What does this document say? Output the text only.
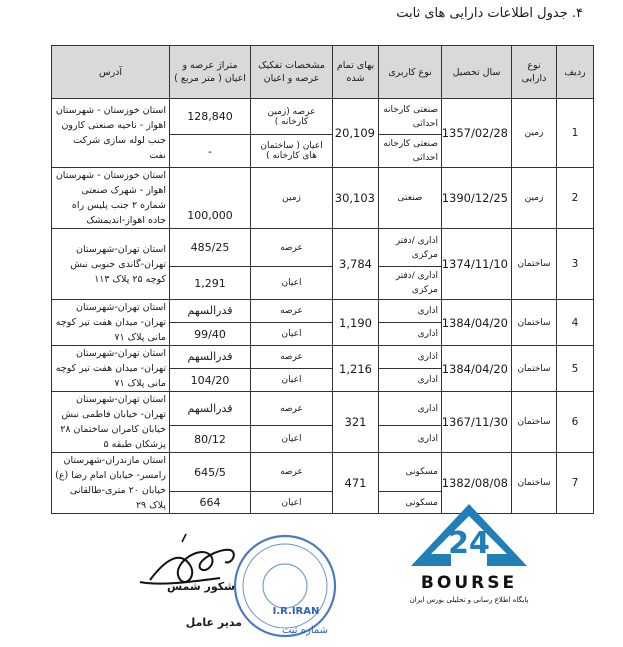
۴. جدول اطلاعات دارایی های ثابت
ردیف	نوع دارایی	سال تحصیل	نوع کاربری	بهای تمام شده	مشخصات تفکیک عرصه و اعیان	متراژ عرصه و اعیان ( متر مربع )	آدرس
1	زمین	1357/02/28	صنعتی کارخانه احداثی	20,109	عرصه (زمین کارخانه )	128,840	استان خوزستان - شهرستان اهواز - ناحیه صنعتی کارون جنب لوله سازی شرکت نفت
			صنعتی کارخانه احداثی		اعیان ( ساختمان های کارخانه )	-	
2	زمین	1390/12/25	صنعتی	30,103	زمین	100,000	استان خوزستان - شهرستان اهواز - شهرک صنعتی شماره ۲ جنب پلیس راه جاده اهواز-اندیمشک
3	ساختمان	1374/11/10	اداری /دفتر مرکزی	3,784	عرصه	485/25	استان تهران-شهرستان تهران-گاندی جنوبی نبش کوچه ۲۵ پلاک ۱۱۳
			اداری /دفتر مرکزی		اعیان	1,291	
4	ساختمان	1384/04/20	اداری	1,190	عرصه	قدرالسهم	استان تهران-شهرستان تهران- میدان هفت تیر کوچه مانی پلاک ۷۱
			اداری		اعیان	99/40	
5	ساختمان	1384/04/20	اداری	1,216	عرصه	قدرالسهم	استان تهران-شهرستان تهران- میدان هفت تیر کوچه مانی پلاک ۷۱
			اداری		اعیان	104/20	
6	ساختمان	1367/11/30	اداری	321	عرصه	قدرالسهم	استان تهران-شهرستان تهران- خیابان فاطمی نبش خیابان کامران ساختمان ۲۸ پزشکان طبقه ۵
			اداری		اعیان	80/12	
7	ساختمان	1382/08/08	مسکونی	471	عرصه	645/5	استان مازندران-شهرستان رامسر- خیابان امام رضا (ع) خیابان ۲۰ متری-طالقانی پلاک ۲۹
			مسکونی		اعیان	664	
24
BOURSE
پایگاه اطلاع رسانی و تحلیلی بورس ایران
I.R.IRAN
شماره ثبت
شکور شمس
مدیر عامل
